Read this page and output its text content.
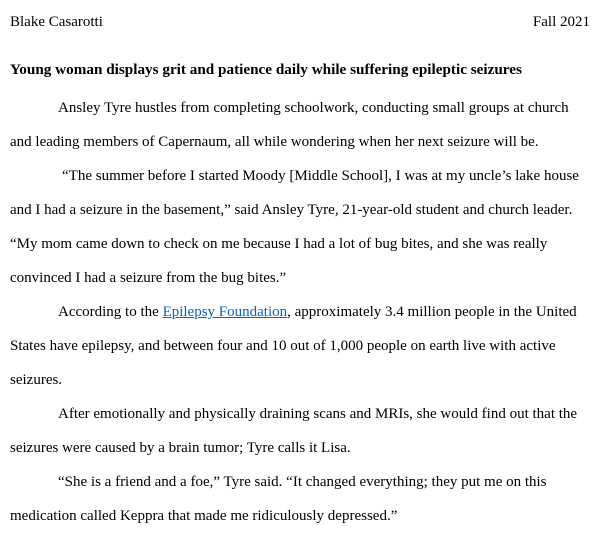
Blake Casarotti	Fall 2021
Young woman displays grit and patience daily while suffering epileptic seizures

Ansley Tyre hustles from completing schoolwork, conducting small groups at church and leading members of Capernaum, all while wondering when her next seizure will be.

“The summer before I started Moody [Middle School], I was at my uncle’s lake house and I had a seizure in the basement,” said Ansley Tyre, 21-year-old student and church leader. “My mom came down to check on me because I had a lot of bug bites, and she was really convinced I had a seizure from the bug bites.”

According to the Epilepsy Foundation, approximately 3.4 million people in the United States have epilepsy, and between four and 10 out of 1,000 people on earth live with active seizures.

After emotionally and physically draining scans and MRIs, she would find out that the seizures were caused by a brain tumor; Tyre calls it Lisa.

“She is a friend and a foe,” Tyre said. “It changed everything; they put me on this medication called Keppra that made me ridiculously depressed.”
